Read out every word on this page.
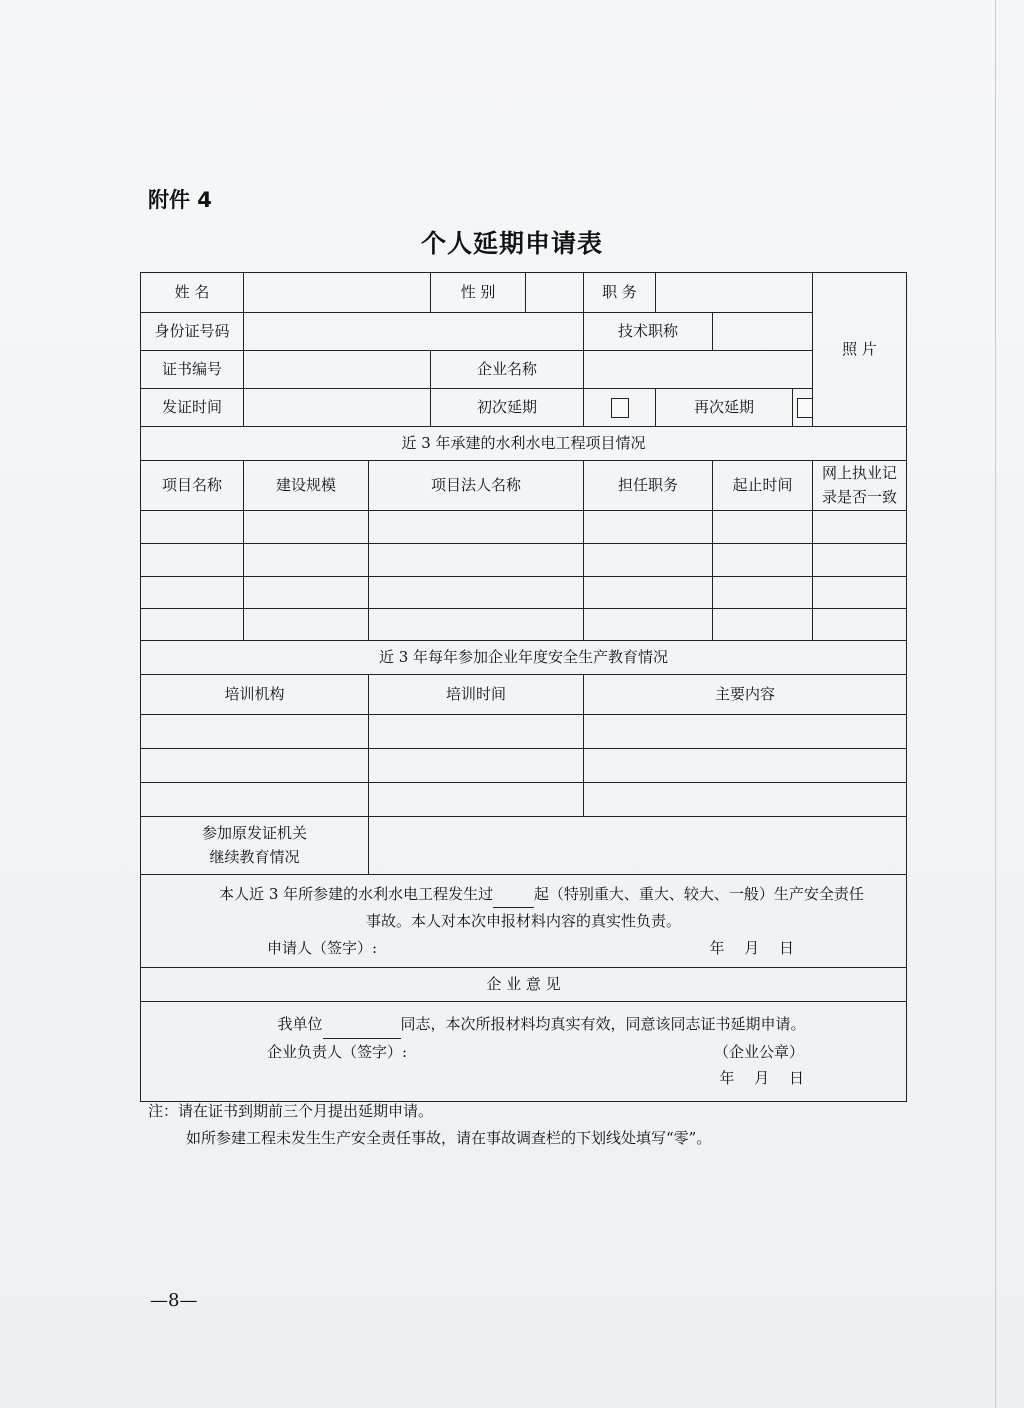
附件 4
个人延期申请表
姓 名			性 别		职 务				照 片
身份证号码					技术职称				
证书编号			企业名称						
发证时间			初次延期			再次延期			
近 3 年承建的水利水电工程项目情况									
项目名称	建设规模	项目法人名称			担任职务		起止时间		网上执业记录是否一致

近 3 年每年参加企业年度安全生产教育情况									
培训机构		培训时间			主要内容				

参加原发证机关
继续教育情况									

本人近 3 年所参建的水利水电工程发生过 起（特别重大、重大、较大、一般）生产安全责任
事故。本人对本次申报材料内容的真实性负责。
申请人（签字）: 年　 月　 日									

企 业 意 见									

我单位 同志，本次所报材料均真实有效，同意该同志证书延期申请。
企业负责人（签字）: （企业公章）
年　 月　 日									
注：请在证书到期前三个月提出延期申请。
如所参建工程未发生生产安全责任事故，请在事故调查栏的下划线处填写“零”。
—8—
